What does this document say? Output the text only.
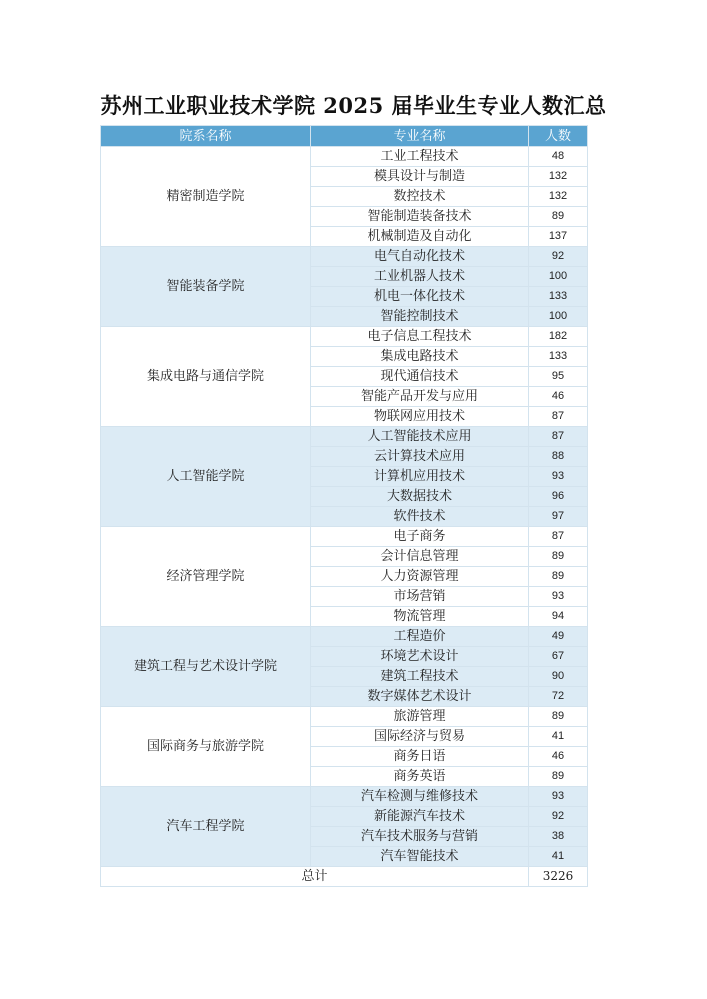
苏州工业职业技术学院 2025 届毕业生专业人数汇总
院系名称	专业名称	人数
精密制造学院	工业工程技术	48
	模具设计与制造	132
	数控技术	132
	智能制造装备技术	89
	机械制造及自动化	137
智能装备学院	电气自动化技术	92
	工业机器人技术	100
	机电一体化技术	133
	智能控制技术	100
集成电路与通信学院	电子信息工程技术	182
	集成电路技术	133
	现代通信技术	95
	智能产品开发与应用	46
	物联网应用技术	87
人工智能学院	人工智能技术应用	87
	云计算技术应用	88
	计算机应用技术	93
	大数据技术	96
	软件技术	97
经济管理学院	电子商务	87
	会计信息管理	89
	人力资源管理	89
	市场营销	93
	物流管理	94
建筑工程与艺术设计学院	工程造价	49
	环境艺术设计	67
	建筑工程技术	90
	数字媒体艺术设计	72
国际商务与旅游学院	旅游管理	89
	国际经济与贸易	41
	商务日语	46
	商务英语	89
汽车工程学院	汽车检测与维修技术	93
	新能源汽车技术	92
	汽车技术服务与营销	38
	汽车智能技术	41
总计		3226
